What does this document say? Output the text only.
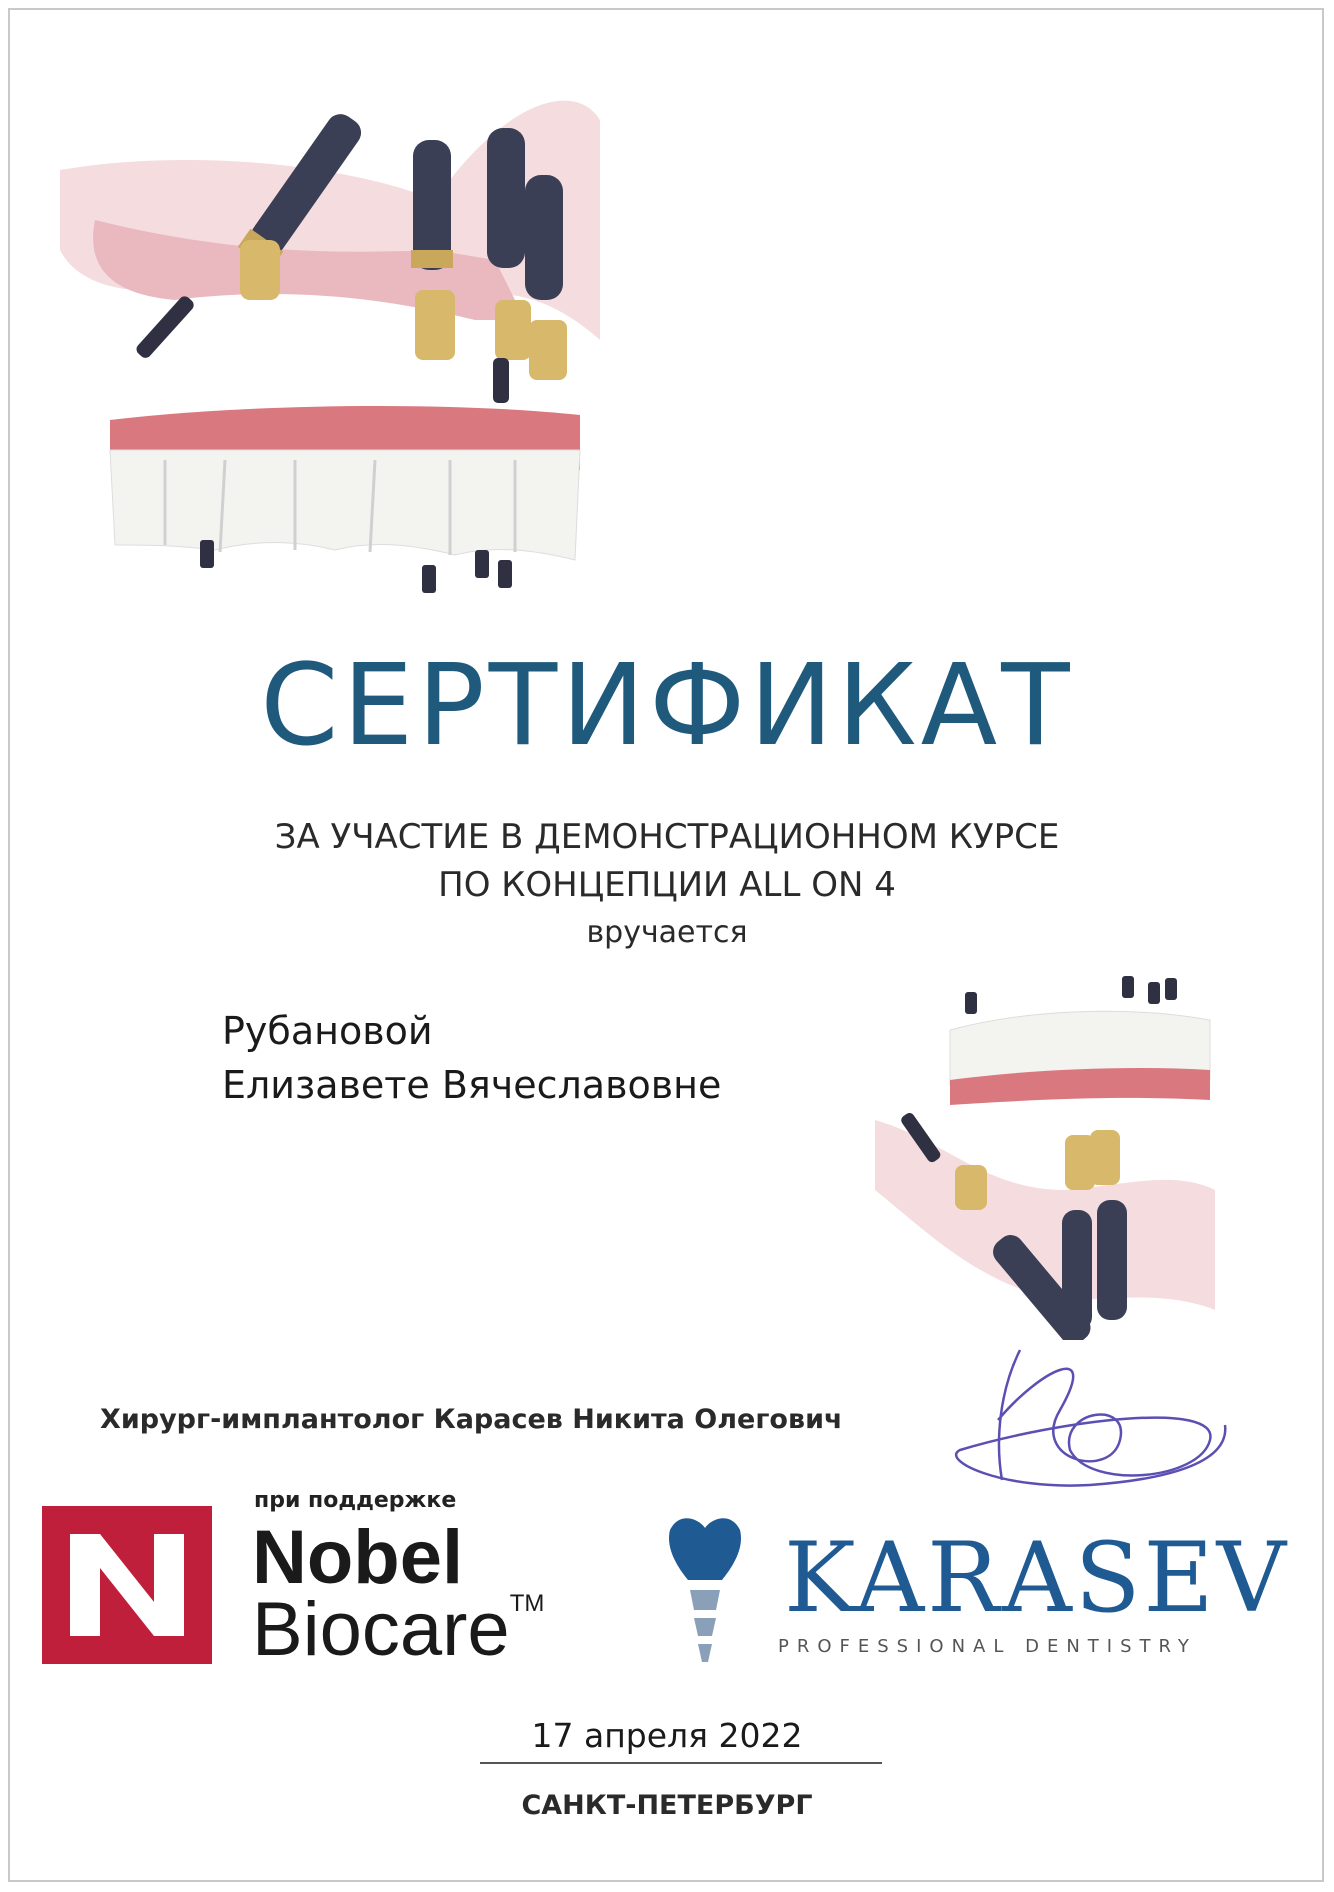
СЕРТИФИКАТ
ЗА УЧАСТИЕ В ДЕМОНСТРАЦИОННОМ КУРСЕ
ПО КОНЦЕПЦИИ ALL ON 4
вручается
Рубановой
Елизавете Вячеславовне
Хирург-имплантолог Карасев Никита Олегович
при поддержке
Nobel
Biocare™ KARASEV
PROFESSIONAL DENTISTRY
17 апреля 2022
САНКТ-ПЕТЕРБУРГ
